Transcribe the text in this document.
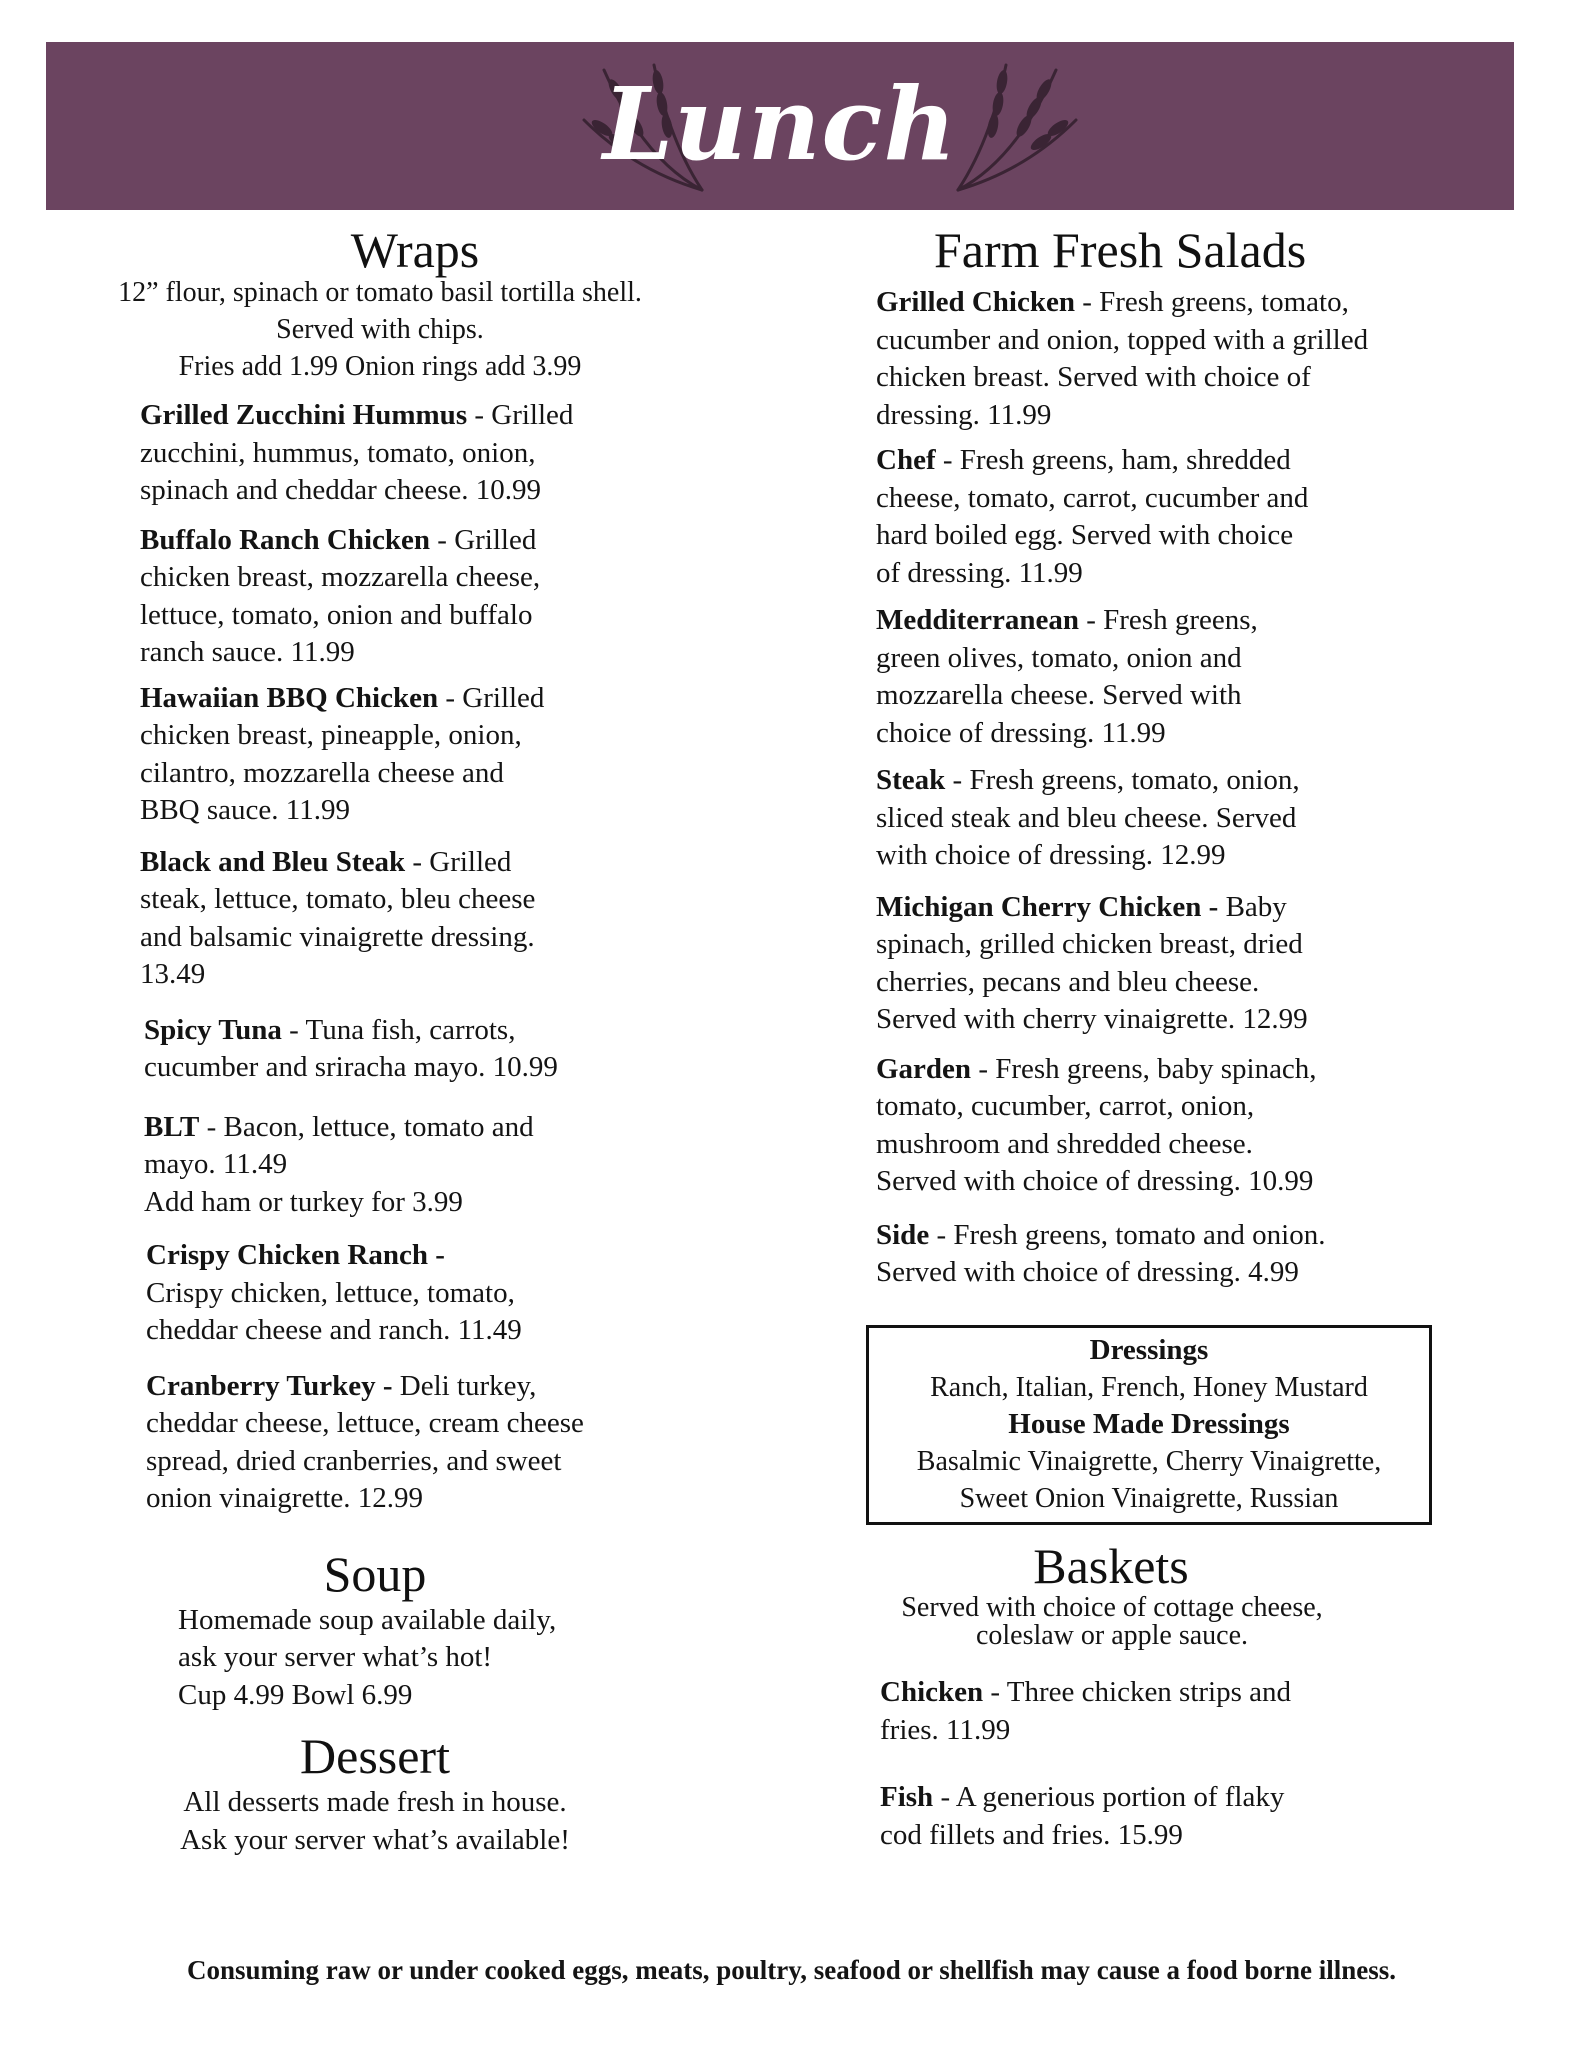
Lunch
Wraps
12” flour, spinach or tomato basil tortilla shell.
Served with chips.
Fries add 1.99 Onion rings add 3.99
Grilled Zucchini Hummus - Grilled
zucchini, hummus, tomato, onion,
spinach and cheddar cheese. 10.99
Buffalo Ranch Chicken - Grilled
chicken breast, mozzarella cheese,
lettuce, tomato, onion and buffalo
ranch sauce. 11.99
Hawaiian BBQ Chicken - Grilled
chicken breast, pineapple, onion,
cilantro, mozzarella cheese and
BBQ sauce. 11.99
Black and Bleu Steak - Grilled
steak, lettuce, tomato, bleu cheese
and balsamic vinaigrette dressing.
13.49
Spicy Tuna - Tuna fish, carrots,
cucumber and sriracha mayo. 10.99
BLT - Bacon, lettuce, tomato and
mayo. 11.49
Add ham or turkey for 3.99
Crispy Chicken Ranch -
Crispy chicken, lettuce, tomato,
cheddar cheese and ranch. 11.49
Cranberry Turkey - Deli turkey,
cheddar cheese, lettuce, cream cheese
spread, dried cranberries, and sweet
onion vinaigrette. 12.99
Soup
Homemade soup available daily,
ask your server what’s hot!
Cup 4.99 Bowl 6.99
Dessert
All desserts made fresh in house.
Ask your server what’s available!
Farm Fresh Salads
Grilled Chicken - Fresh greens, tomato,
cucumber and onion, topped with a grilled
chicken breast. Served with choice of
dressing. 11.99
Chef - Fresh greens, ham, shredded
cheese, tomato, carrot, cucumber and
hard boiled egg. Served with choice
of dressing. 11.99
Medditerranean - Fresh greens,
green olives, tomato, onion and
mozzarella cheese. Served with
choice of dressing. 11.99
Steak - Fresh greens, tomato, onion,
sliced steak and bleu cheese. Served
with choice of dressing. 12.99
Michigan Cherry Chicken - Baby
spinach, grilled chicken breast, dried
cherries, pecans and bleu cheese.
Served with cherry vinaigrette. 12.99
Garden - Fresh greens, baby spinach,
tomato, cucumber, carrot, onion,
mushroom and shredded cheese.
Served with choice of dressing. 10.99
Side - Fresh greens, tomato and onion.
Served with choice of dressing. 4.99
Dressings
Ranch, Italian, French, Honey Mustard
House Made Dressings
Basalmic Vinaigrette, Cherry Vinaigrette,
Sweet Onion Vinaigrette, Russian
Baskets
Served with choice of cottage cheese,
coleslaw or apple sauce.
Chicken - Three chicken strips and
fries. 11.99
Fish - A generious portion of flaky
cod fillets and fries. 15.99
Consuming raw or under cooked eggs, meats, poultry, seafood or shellfish may cause a food borne illness.
